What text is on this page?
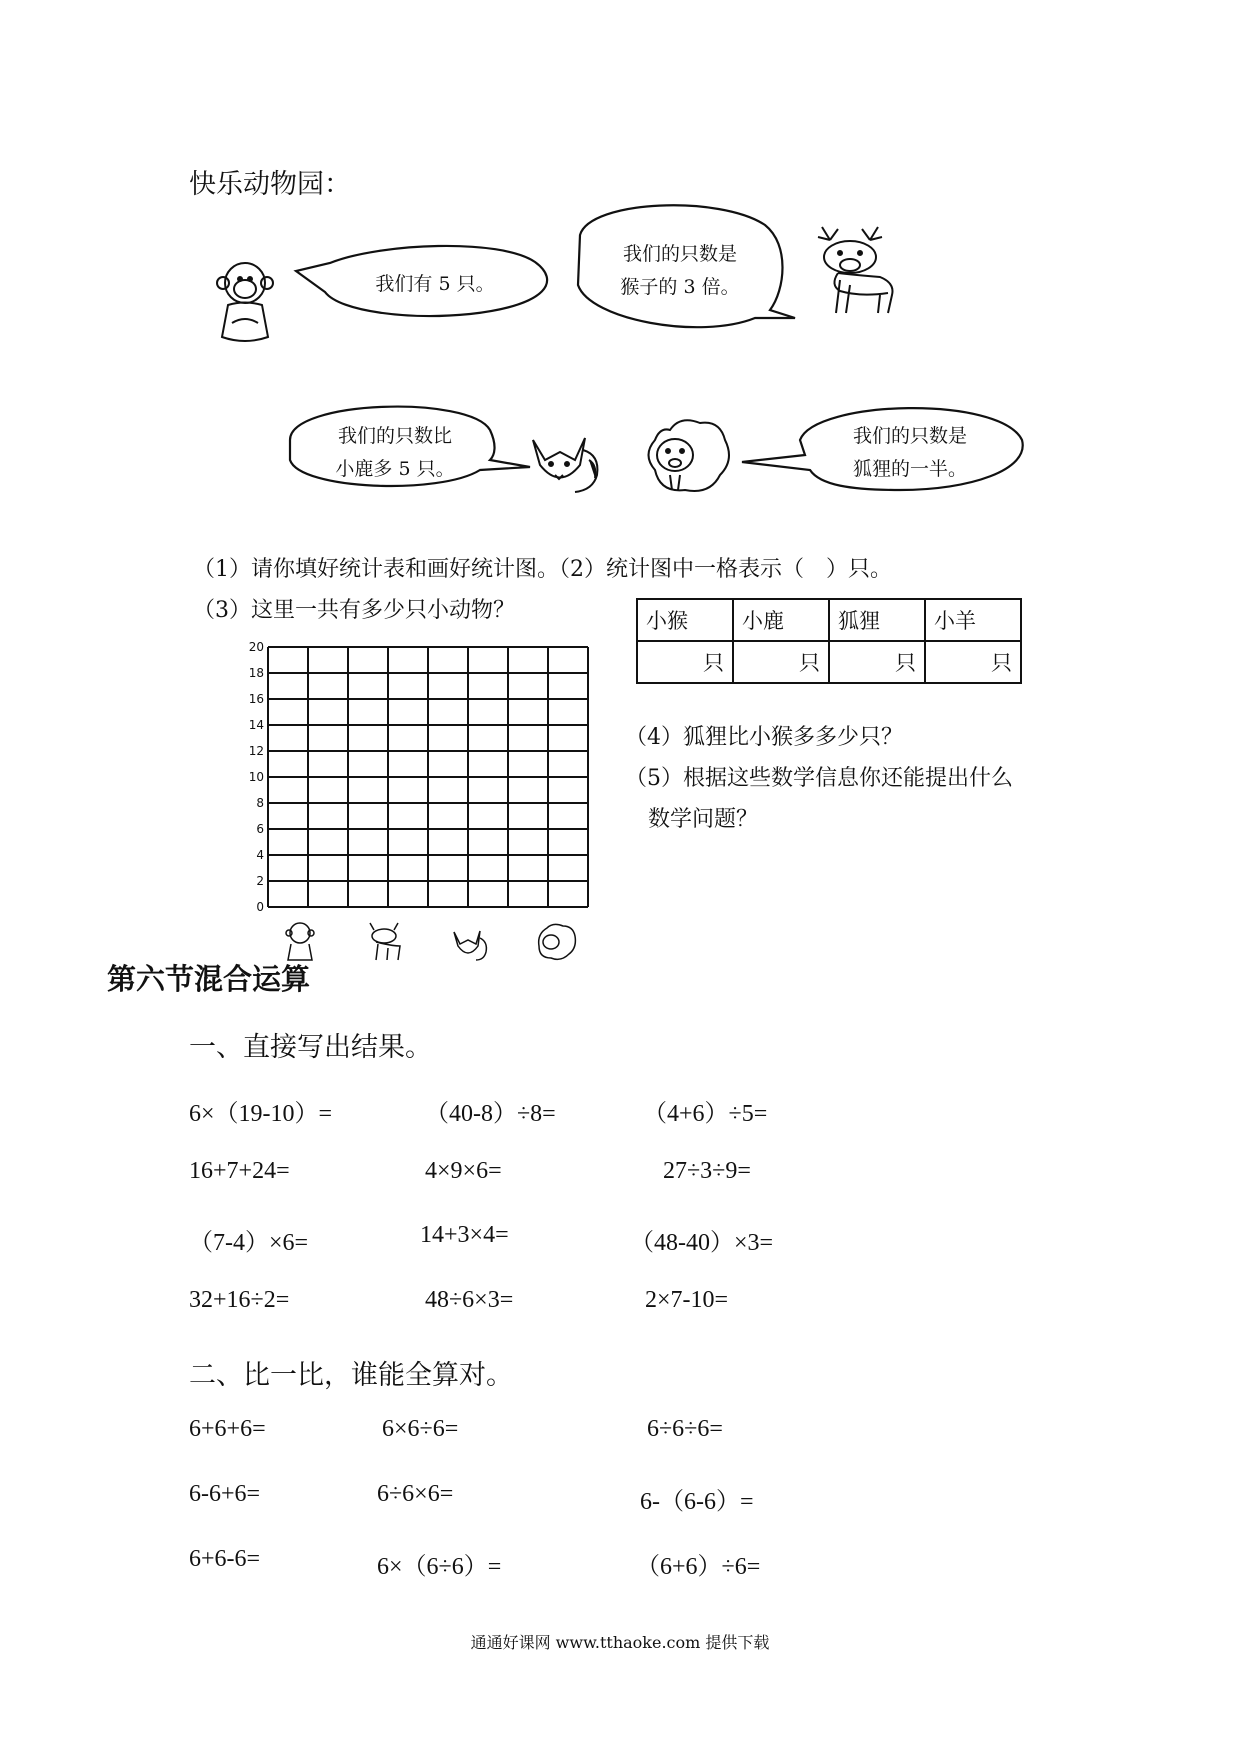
快乐动物园：
我们有 5 只。
我们的只数是
猴子的 3 倍。
我们的只数比
小鹿多 5 只。
我们的只数是
狐狸的一半。
（1）请你填好统计表和画好统计图。（2）统计图中一格表示（　）只。
（3）这里一共有多少只小动物？	小猴	小鹿	狐狸	小羊
只	只	只	只
（4）狐狸比小猴多多少只？
（5）根据这些数学信息你还能提出什么
数学问题？
20
18
16
14
12
10
8
6
4
2
0
第六节混合运算
一、直接写出结果。
6×（19-10）=	（40-8）÷8=	（4+6）÷5=
16+7+24=	4×9×6=	27÷3÷9=
（7-4）×6=	14+3×4=	（48-40）×3=
32+16÷2=	48÷6×3=	2×7-10=
二、比一比，谁能全算对。
6+6+6=	6×6÷6=	6÷6÷6=
6-6+6=	6÷6×6=	6-（6-6）=
6+6-6=	6×（6÷6）=	（6+6）÷6=
通通好课网 www.tthaoke.com 提供下载
